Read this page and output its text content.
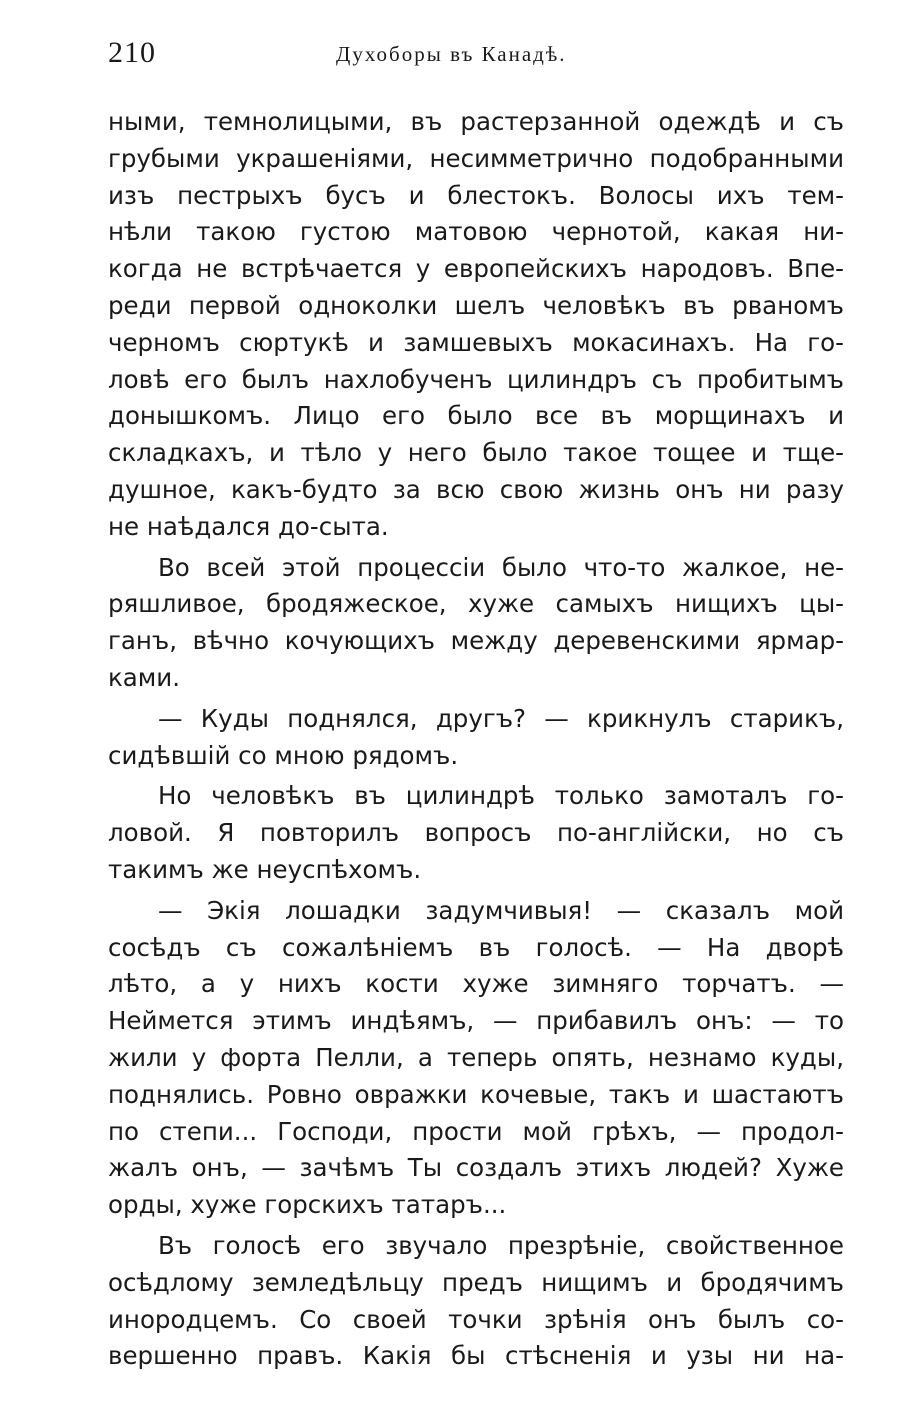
210	Духоборы въ Канадѣ.
ными, темнолицыми, въ растерзанной одеждѣ и съ
грубыми украшеніями, несимметрично подобранными
изъ пестрыхъ бусъ и блестокъ. Волосы ихъ тем-
нѣли такою густою матовою чернотой, какая ни-
когда не встрѣчается у европейскихъ народовъ. Впе-
реди первой одноколки шелъ человѣкъ въ рваномъ
черномъ сюртукѣ и замшевыхъ мокасинахъ. На го-
ловѣ его былъ нахлобученъ цилиндръ съ пробитымъ
донышкомъ. Лицо его было все въ морщинахъ и
складкахъ, и тѣло у него было такое тощее и тще-
душное, какъ-будто за всю свою жизнь онъ ни разу
не наѣдался до-сыта.
Во всей этой процессіи было что-то жалкое, не-
ряшливое, бродяжеское, хуже самыхъ нищихъ цы-
ганъ, вѣчно кочующихъ между деревенскими ярмар-
ками.
— Куды поднялся, другъ? — крикнулъ старикъ,
сидѣвшій со мною рядомъ.
Но человѣкъ въ цилиндрѣ только замоталъ го-
ловой. Я повторилъ вопросъ по-англійски, но съ
такимъ же неуспѣхомъ.
— Экія лошадки задумчивыя! — сказалъ мой
сосѣдъ съ сожалѣніемъ въ голосѣ. — На дворѣ
лѣто, а у нихъ кости хуже зимняго торчатъ. —
Неймется этимъ индѣямъ, — прибавилъ онъ: — то
жили у форта Пелли, а теперь опять, незнамо куды,
поднялись. Ровно овражки кочевые, такъ и шастаютъ
по степи... Господи, прости мой грѣхъ, — продол-
жалъ онъ, — зачѣмъ Ты создалъ этихъ людей? Хуже
орды, хуже горскихъ татаръ...
Въ голосѣ его звучало презрѣніе, свойственное
осѣдлому земледѣльцу предъ нищимъ и бродячимъ
инородцемъ. Со своей точки зрѣнія онъ былъ со-
вершенно правъ. Какія бы стѣсненія и узы ни на-
